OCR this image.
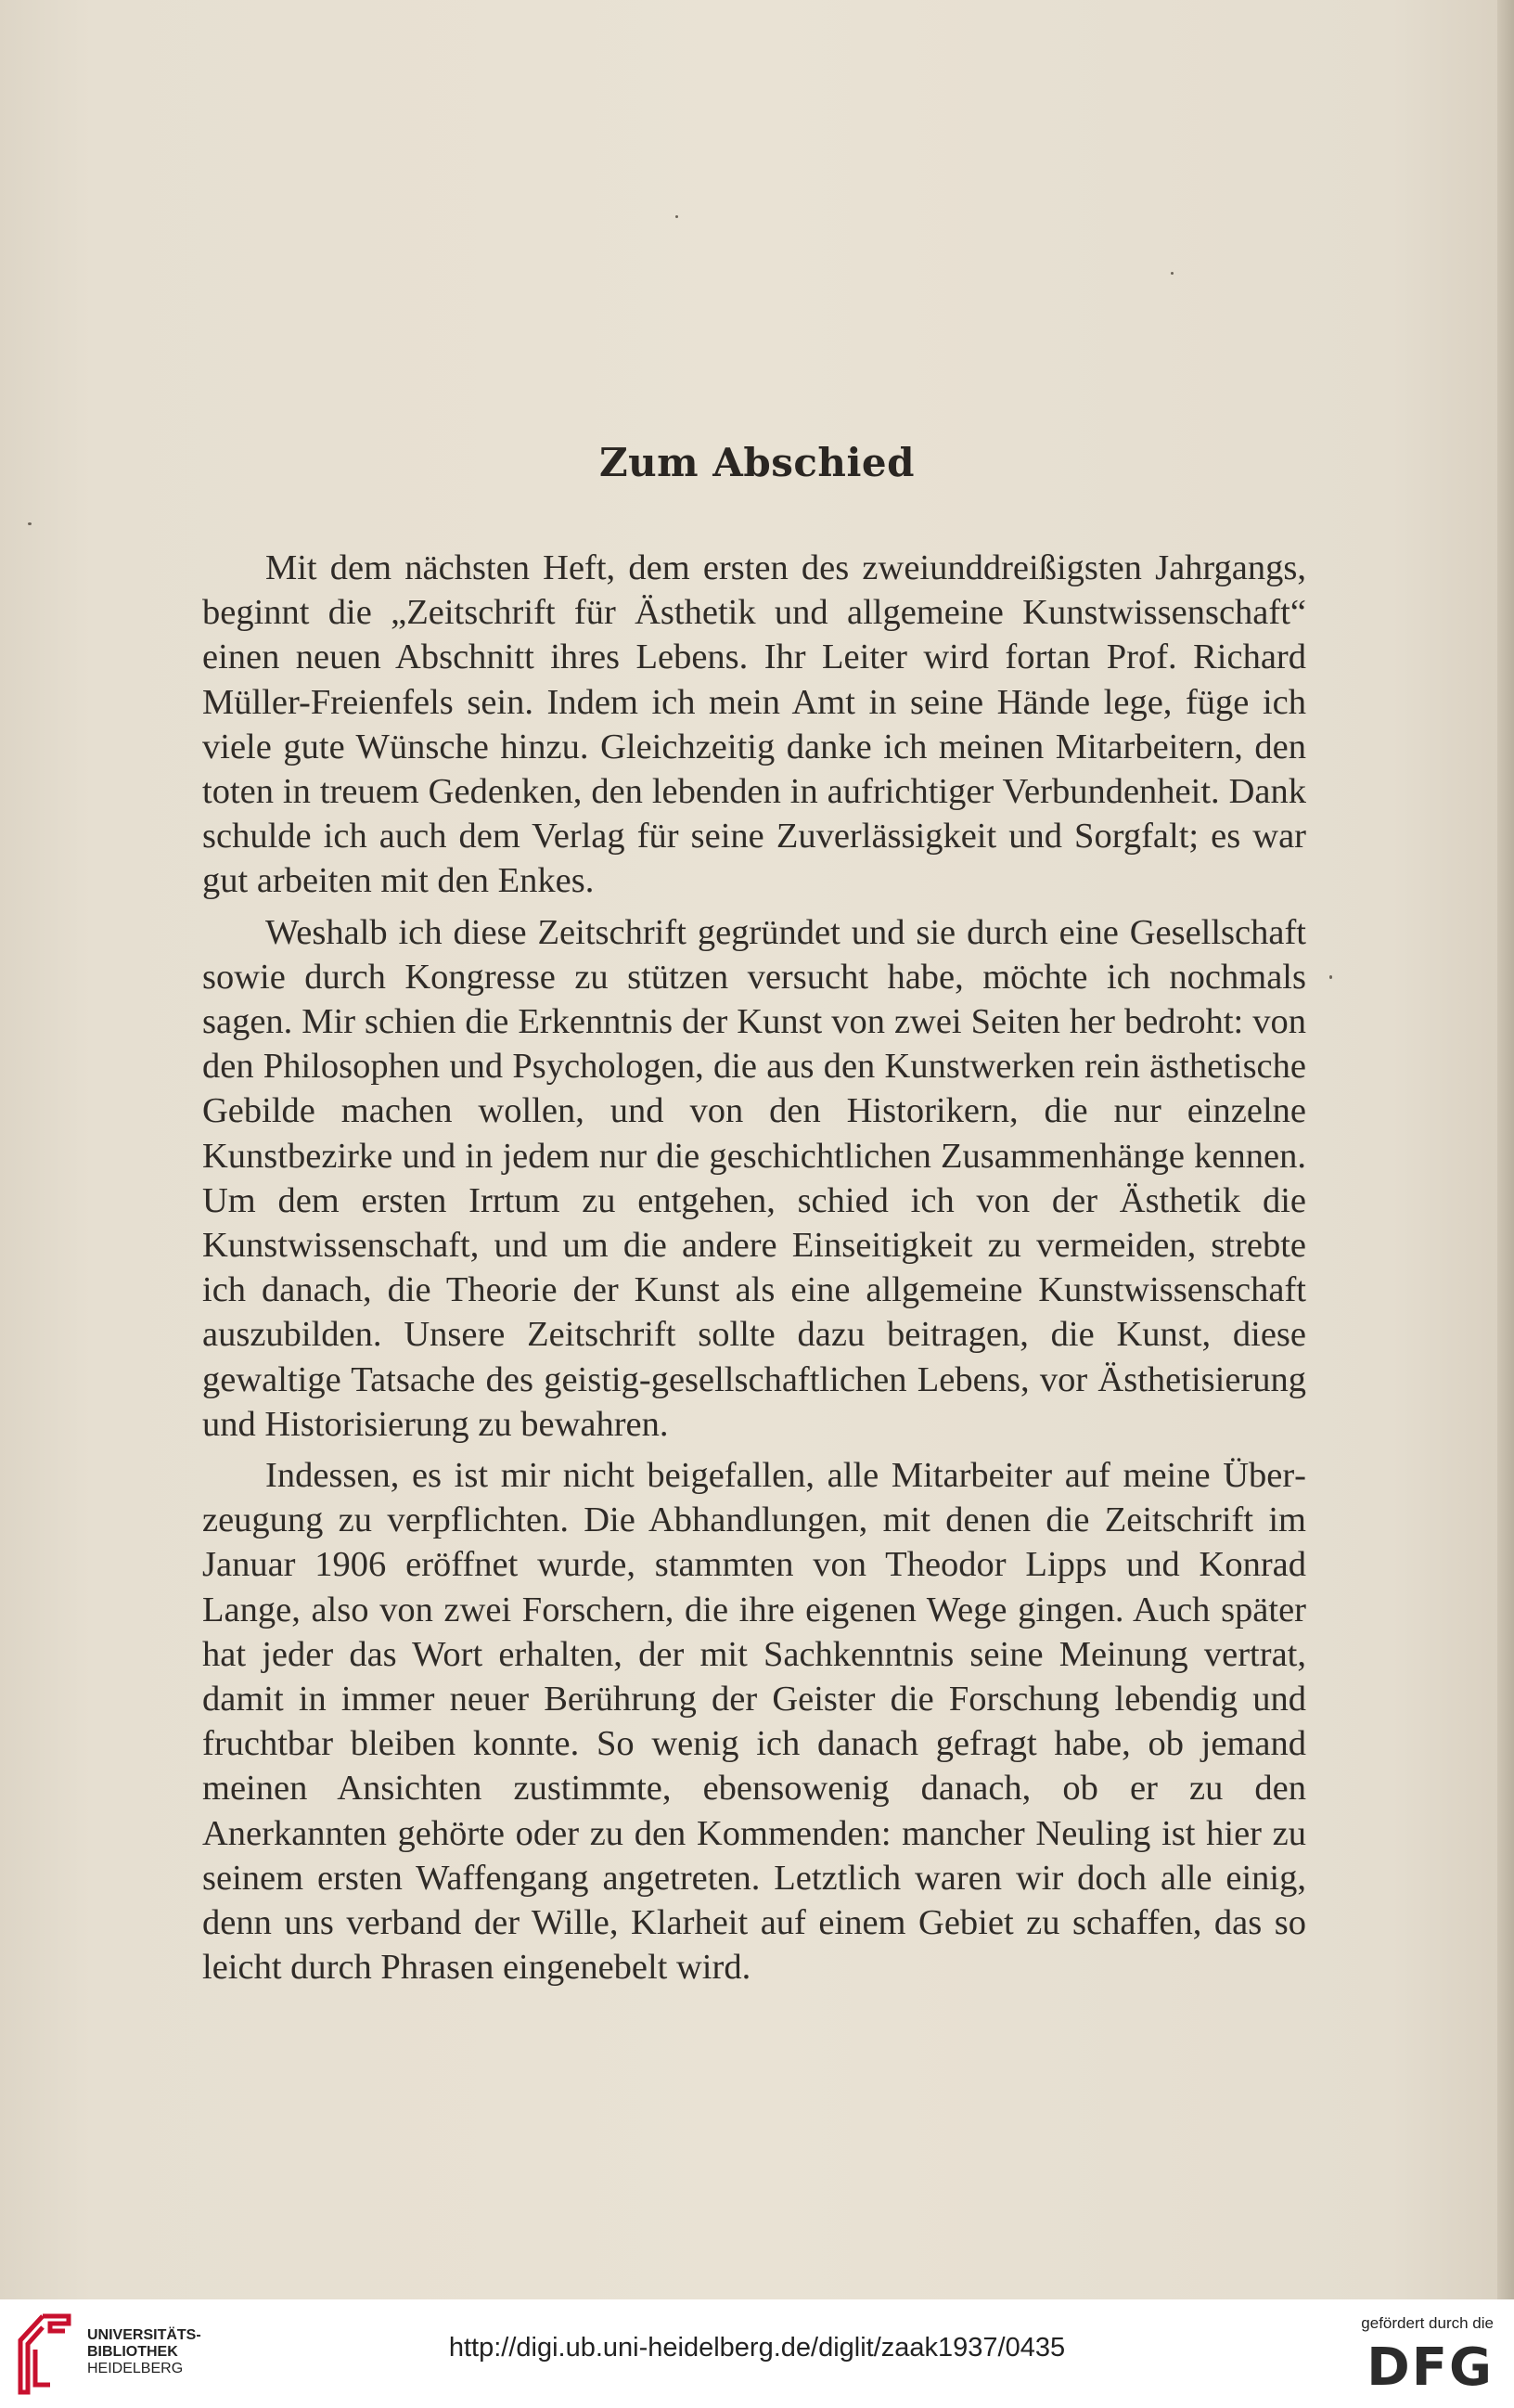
Zum Abschied

Mit dem nächsten Heft, dem ersten des zweiunddreißigsten Jahrgangs, beginnt die „Zeitschrift für Ästhetik und allgemeine Kunstwissenschaft“ einen neuen Abschnitt ihres Lebens. Ihr Leiter wird fortan Prof. Richard Müller-Freienfels sein. Indem ich mein Amt in seine Hände lege, füge ich viele gute Wünsche hinzu. Gleichzeitig danke ich meinen Mitarbeitern, den toten in treuem Gedenken, den lebenden in aufrichtiger Verbundenheit. Dank schulde ich auch dem Verlag für seine Zuverlässigkeit und Sorgfalt; es war gut arbeiten mit den Enkes.

Weshalb ich diese Zeitschrift gegründet und sie durch eine Gesellschaft sowie durch Kongresse zu stützen versucht habe, möchte ich nochmals sagen. Mir schien die Erkenntnis der Kunst von zwei Seiten her bedroht: von den Philosophen und Psychologen, die aus den Kunstwerken rein ästhetische Gebilde machen wollen, und von den Historikern, die nur einzelne Kunstbezirke und in jedem nur die geschichtlichen Zusammenhänge kennen. Um dem ersten Irrtum zu entgehen, schied ich von der Ästhetik die Kunstwissenschaft, und um die andere Einseitigkeit zu vermeiden, strebte ich danach, die Theorie der Kunst als eine allgemeine Kunstwissenschaft auszubilden. Unsere Zeitschrift sollte dazu beitragen, die Kunst, diese gewaltige Tatsache des geistig-gesellschaftlichen Lebens, vor Ästhetisierung und Historisierung zu bewahren.

Indessen, es ist mir nicht beigefallen, alle Mitarbeiter auf meine Überzeugung zu verpflichten. Die Abhandlungen, mit denen die Zeitschrift im Januar 1906 eröffnet wurde, stammten von Theodor Lipps und Konrad Lange, also von zwei Forschern, die ihre eigenen Wege gingen. Auch später hat jeder das Wort erhalten, der mit Sachkenntnis seine Meinung vertrat, damit in immer neuer Berührung der Geister die Forschung lebendig und fruchtbar bleiben konnte. So wenig ich danach gefragt habe, ob jemand meinen Ansichten zustimmte, ebensowenig danach, ob er zu den Anerkannten gehörte oder zu den Kommenden: mancher Neuling ist hier zu seinem ersten Waffengang angetreten. Letztlich waren wir doch alle einig, denn uns verband der Wille, Klarheit auf einem Gebiet zu schaffen, das so leicht durch Phrasen eingenebelt wird.

UNIVERSITÄTS-
BIBLIOTHEK
HEIDELBERG
http://digi.ub.uni-heidelberg.de/diglit/zaak1937/0435
gefördert durch die
DFG
